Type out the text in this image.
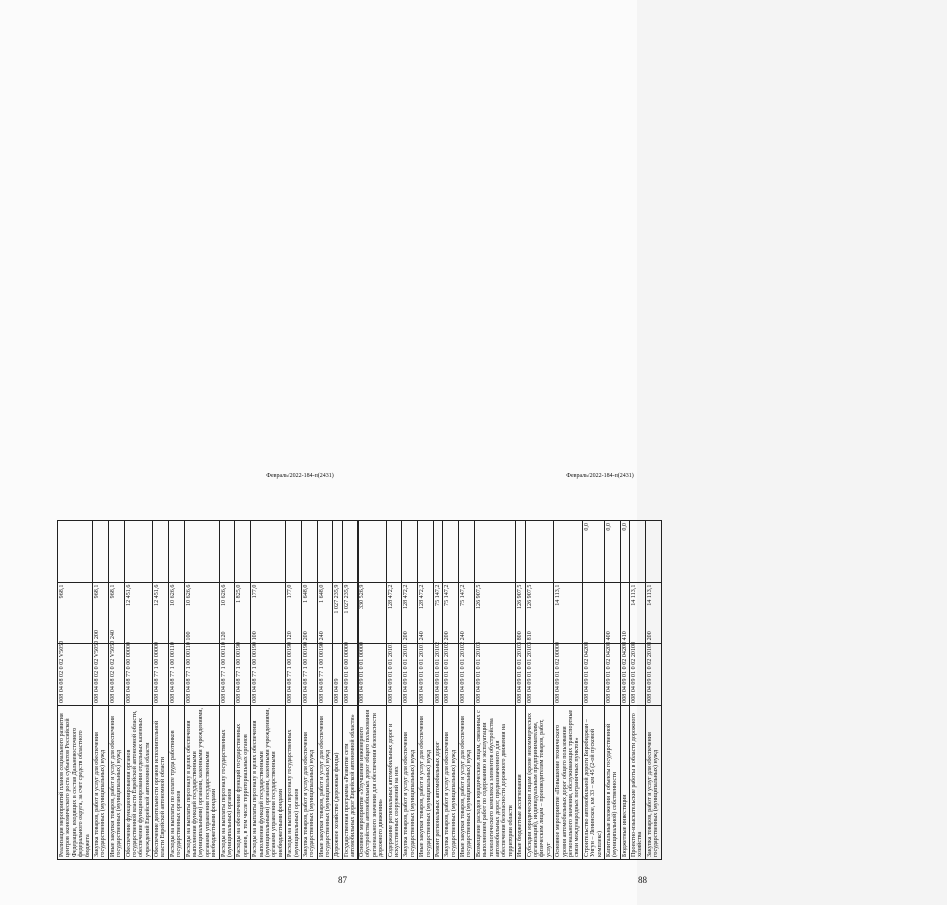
87
Реализация мероприятий планов социального развития центров экономического роста субъектов Российской Федерации, входящих в состав Дальневосточного федерального округа, за счет средств областного бюджета	008 04 08 02 0 02 V5050	968,1	
Закупка товаров, работ и услуг для обеспечения государственных (муниципальных) нужд	008 04 08 02 0 02 V5050 200	968,1	
Иные закупки товаров, работ и услуг для обеспечения государственных (муниципальных) нужд	008 04 08 02 0 02 V5050 240	968,1	
Обеспечение функционирования органов государственной власти Еврейской автономной области, обеспечение функционирования отдельных казенных учреждений Еврейской автономной области	008 04 08 77 0 00 00000	12 451,6	
Обеспечение деятельности органов исполнительной власти Еврейской автономной области	008 04 08 77 1 00 00000	12 451,6	
Расходы на выплаты по оплате труда работников государственных органов	008 04 08 77 1 00 00110	10 626,6	
Расходы на выплаты персоналу в целях обеспечения выполнения функций государственными (муниципальными) органами, казенными учреждениями, органами управления государственными внебюджетными фондами	008 04 08 77 1 00 00110 100	10 626,6	
Расходы на выплаты персоналу государственных (муниципальных) органов	008 04 08 77 1 00 00110 120	10 626,6	
Расходы на обеспечение функций государственных органов, в том числе территориальных органов	008 04 08 77 1 00 00190	1 825,0	
Расходы на выплаты персоналу в целях обеспечения выполнения функций государственными (муниципальными) органами, казенными учреждениями, органами управления государственными внебюджетными фондами	008 04 08 77 1 00 00190 100	177,0	
Расходы на выплаты персоналу государственных (муниципальных) органов	008 04 08 77 1 00 00190 120	177,0	
Закупка товаров, работ и услуг для обеспечения государственных (муниципальных) нужд	008 04 08 77 1 00 00190 200	1 648,0	
Иные закупки товаров, работ и услуг для обеспечения государственных (муниципальных) нужд	008 04 08 77 1 00 00190 240	1 648,0	
Дорожное хозяйство (дорожные фонды)	008 04 09	1 027 235,9	
Государственная программа «Развитие сети автомобильных дорог Еврейской автономной области»	008 04 09 01 0 00 00000	1 027 235,9	
Февраль/2022-184-п(2431)
88
Основное мероприятие «Улучшение инженерного обустройства автомобильных дорог общего пользования регионального значения для обеспечения безопасности дорожного движения»	008 04 09 01 0 01 00000	330 526,9	
Содержание региональных автомобильных дорог и искусственных сооружений на них	008 04 09 01 0 01 20101	128 472,2	
Закупка товаров, работ и услуг для обеспечения государственных (муниципальных) нужд	008 04 09 01 0 01 20101 200	128 472,2	
Иные закупки товаров, работ и услуг для обеспечения государственных (муниципальных) нужд	008 04 09 01 0 01 20101 240	128 472,2	
Ремонт региональных автомобильных дорог	008 04 09 01 0 01 20102	75 147,2	
Закупка товаров, работ и услуг для обеспечения государственных (муниципальных) нужд	008 04 09 01 0 01 20102 200	75 147,2	
Иные закупки товаров, работ и услуг для обеспечения государственных (муниципальных) нужд	008 04 09 01 0 01 20102 240	75 147,2	
Возмещение расходов юридическим лицам, связанных с выполнением работ по содержанию и эксплуатации технологического комплекса элементов обустройства автомобильных дорог, предназначенного для обеспечения безопасности дорожного движения на территории области	008 04 09 01 0 01 20103	126 907,5	
Иные бюджетные ассигнования	008 04 09 01 0 01 20103 800	126 907,5	
Субсидии юридическим лицам (кроме некоммерческих организаций), индивидуальным предпринимателям, физическим лицам – производителям товаров, работ, услуг	008 04 09 01 0 01 20103 810	126 907,5	
Основное мероприятие «Повышение технического уровня автомобильных дорог общего пользования регионального значения, обслуживающих транспортные связи международных пограничных пунктов»	008 04 09 01 0 02 00000	14 113,1	
Строительство автомобильной дороги Биробиджан – Унгун – Ленинское, км 33 – км 45 (2-ой пусковой комплекс)	008 04 09 01 0 02 04208		0,0
Капитальные вложения в объекты государственной (муниципальной) собственности	008 04 09 01 0 02 04208 400		0,0
Бюджетные инвестиции	008 04 09 01 0 02 04208 410		0,0
Проектно-изыскательские работы в области дорожного хозяйства	008 04 09 01 0 02 20108	14 113,1	
Закупка товаров, работ и услуг для обеспечения государственных (муниципальных) нужд	008 04 09 01 0 02 20108 200	14 113,1	
Февраль/2022-184-п(2431)
